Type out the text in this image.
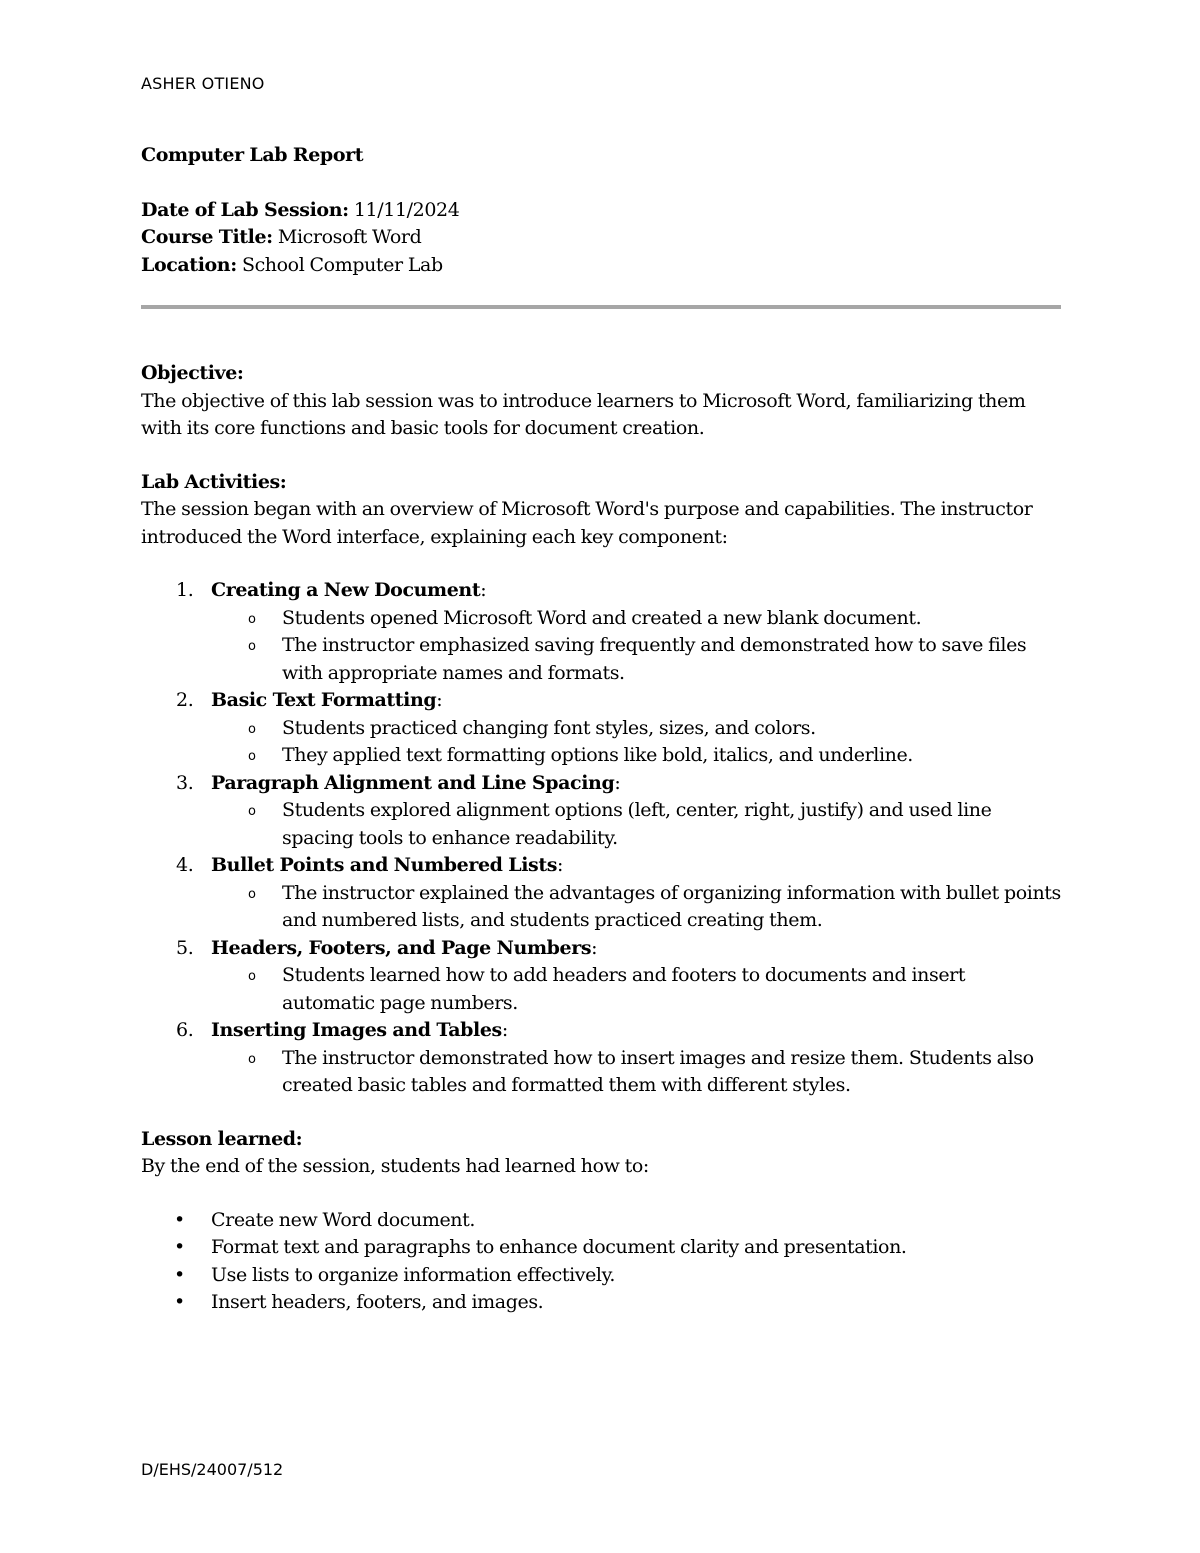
ASHER OTIENO

Computer Lab Report

Date of Lab Session: 11/11/2024

Course Title: Microsoft Word

Location: School Computer Lab

Objective:

The objective of this lab session was to introduce learners to Microsoft Word, familiarizing them with its core functions and basic tools for document creation.

Lab Activities:

The session began with an overview of Microsoft Word's purpose and capabilities. The instructor introduced the Word interface, explaining each key component:

1. Creating a New Document:
o Students opened Microsoft Word and created a new blank document.
o The instructor emphasized saving frequently and demonstrated how to save files with appropriate names and formats.
2. Basic Text Formatting:
o Students practiced changing font styles, sizes, and colors.
o They applied text formatting options like bold, italics, and underline.
3. Paragraph Alignment and Line Spacing:
o Students explored alignment options (left, center, right, justify) and used line spacing tools to enhance readability.
4. Bullet Points and Numbered Lists:
o The instructor explained the advantages of organizing information with bullet points and numbered lists, and students practiced creating them.
5. Headers, Footers, and Page Numbers:
o Students learned how to add headers and footers to documents and insert automatic page numbers.
6. Inserting Images and Tables:
o The instructor demonstrated how to insert images and resize them. Students also created basic tables and formatted them with different styles.

Lesson learned:

By the end of the session, students had learned how to:

• Create new Word document.
• Format text and paragraphs to enhance document clarity and presentation.
• Use lists to organize information effectively.
• Insert headers, footers, and images.
D/EHS/24007/512
